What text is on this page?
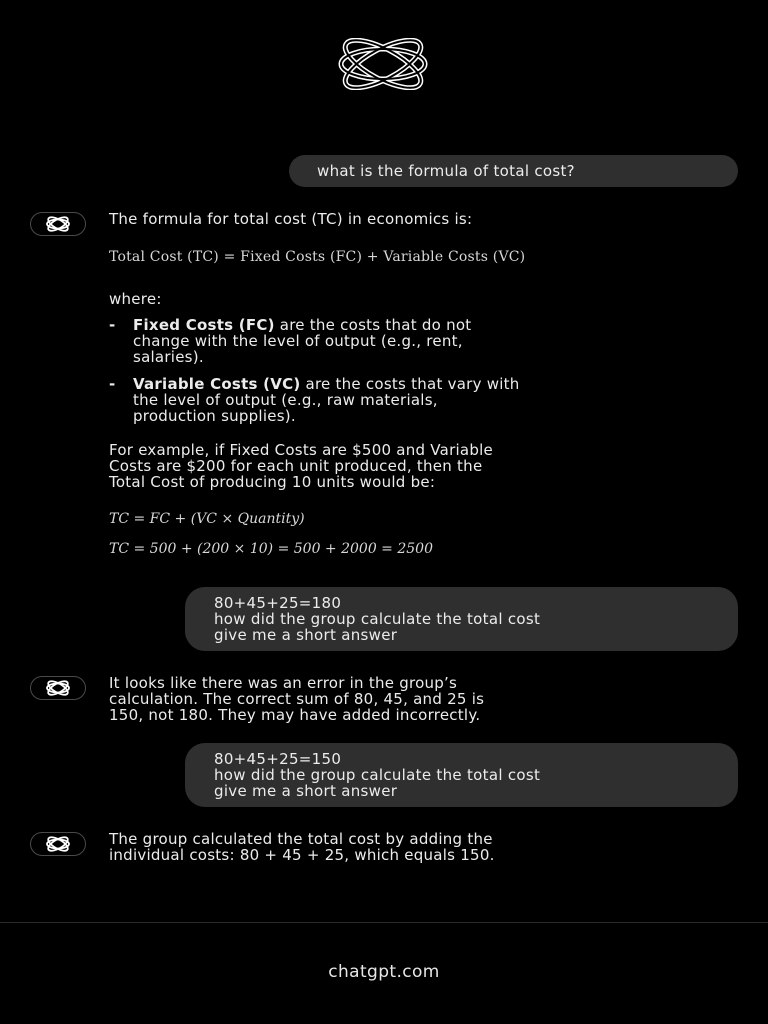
what is the formula of total cost?
The formula for total cost (TC) in economics is:
Total Cost (TC) = Fixed Costs (FC) + Variable Costs (VC)
where:
- Fixed Costs (FC) are the costs that do not
change with the level of output (e.g., rent,
salaries).
- Variable Costs (VC) are the costs that vary with
the level of output (e.g., raw materials,
production supplies).
For example, if Fixed Costs are $500 and Variable
Costs are $200 for each unit produced, then the
Total Cost of producing 10 units would be:
TC = FC + (VC × Quantity)
TC = 500 + (200 × 10) = 500 + 2000 = 2500
80+45+25=180
how did the group calculate the total cost
give me a short answer
It looks like there was an error in the group’s
calculation. The correct sum of 80, 45, and 25 is
150, not 180. They may have added incorrectly.
80+45+25=150
how did the group calculate the total cost
give me a short answer
The group calculated the total cost by adding the
individual costs: 80 + 45 + 25, which equals 150.
chatgpt.com
